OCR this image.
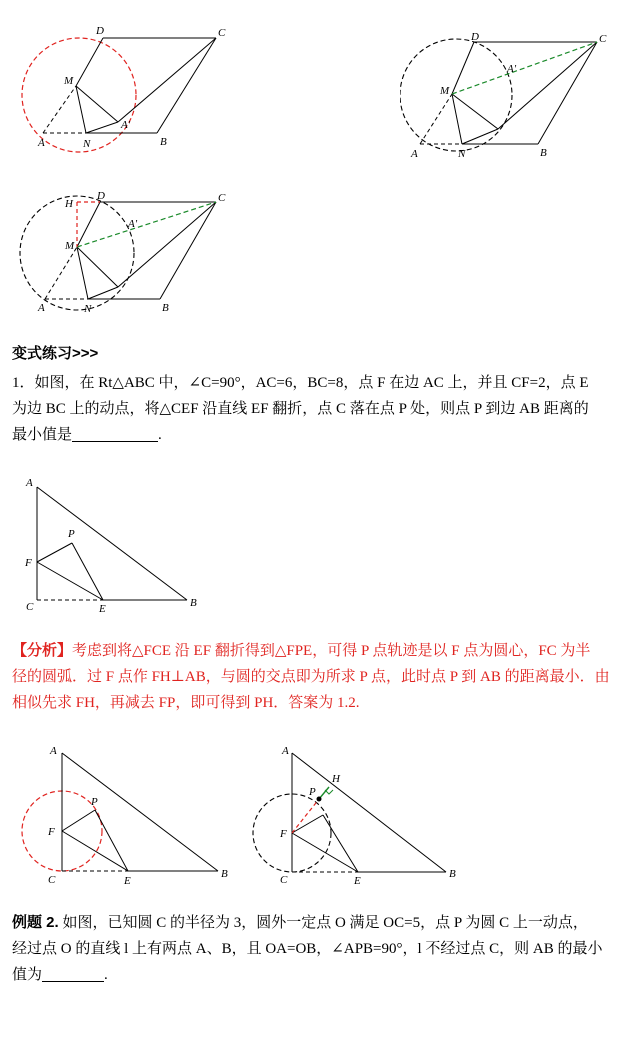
D	C
M
A'
A	N	B
D	C
M
A'
A	N	B
H
D	C
M
A'
A	N	B
变式练习>>>
1．如图，在 Rt△ABC 中，∠C=90°，AC=6，BC=8，点 F 在边 AC 上，并且 CF=2，点 E
为边 BC 上的动点，将△CEF 沿直线 EF 翻折，点 C 落在点 P 处，则点 P 到边 AB 距离的
最小值是	.
A
P
F
C	E	B
【分析】考虑到将△FCE 沿 EF 翻折得到△FPE，可得 P 点轨迹是以 F 点为圆心，FC 为半
径的圆弧．过 F 点作 FH⊥AB，与圆的交点即为所求 P 点，此时点 P 到 AB 的距离最小．由
相似先求 FH，再减去 FP，即可得到 PH．答案为 1.2.
A
P
F
C	E
B
A
H
P
F
C	E
B
例题 2. 如图，已知圆 C 的半径为 3，圆外一定点 O 满足 OC=5，点 P 为圆 C 上一动点，
经过点 O 的直线 l 上有两点 A、B，且 OA=OB，∠APB=90°，l 不经过点 C，则 AB 的最小
值为	.
